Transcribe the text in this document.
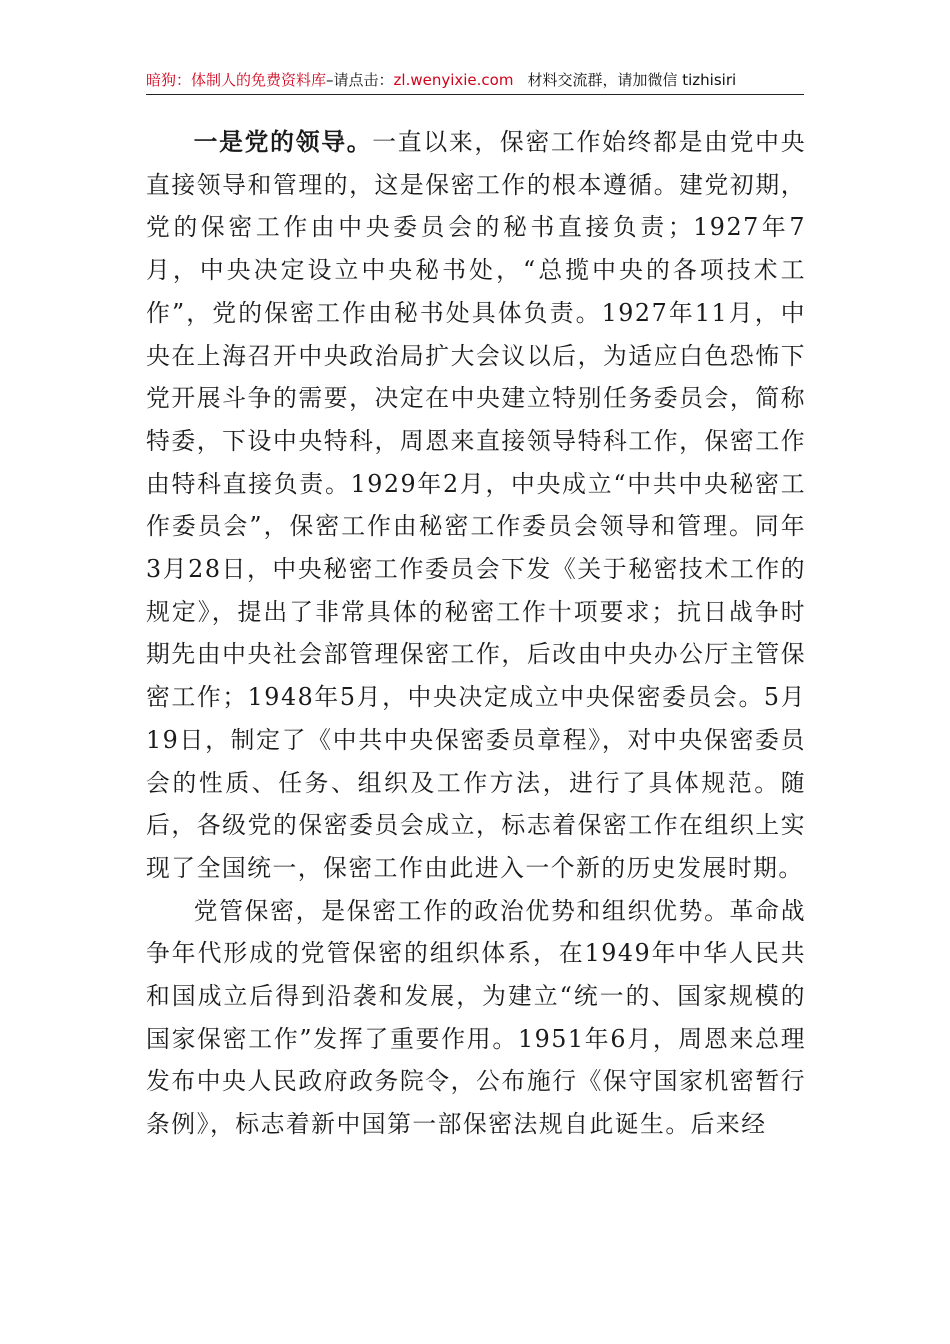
暗狗：体制人的免费资料库–请点击：zl.wenyixie.com 材料交流群，请加微信 tizhisiri

一是党的领导。一直以来，保密工作始终都是由党中央直接领导和管理的，这是保密工作的根本遵循。建党初期，党的保密工作由中央委员会的秘书直接负责；1927年7月，中央决定设立中央秘书处，“总揽中央的各项技术工作”，党的保密工作由秘书处具体负责。1927年11月，中央在上海召开中央政治局扩大会议以后，为适应白色恐怖下党开展斗争的需要，决定在中央建立特别任务委员会，简称特委，下设中央特科，周恩来直接领导特科工作，保密工作由特科直接负责。1929年2月，中央成立“中共中央秘密工作委员会”，保密工作由秘密工作委员会领导和管理。同年3月28日，中央秘密工作委员会下发《关于秘密技术工作的规定》，提出了非常具体的秘密工作十项要求；抗日战争时期先由中央社会部管理保密工作，后改由中央办公厅主管保密工作；1948年5月，中央决定成立中央保密委员会。5月19日，制定了《中共中央保密委员章程》，对中央保密委员会的性质、任务、组织及工作方法，进行了具体规范。随后，各级党的保密委员会成立，标志着保密工作在组织上实现了全国统一，保密工作由此进入一个新的历史发展时期。

党管保密，是保密工作的政治优势和组织优势。革命战争年代形成的党管保密的组织体系，在1949年中华人民共和国成立后得到沿袭和发展，为建立“统一的、国家规模的国家保密工作”发挥了重要作用。1951年6月，周恩来总理发布中央人民政府政务院令，公布施行《保守国家机密暂行条例》，标志着新中国第一部保密法规自此诞生。后来经
